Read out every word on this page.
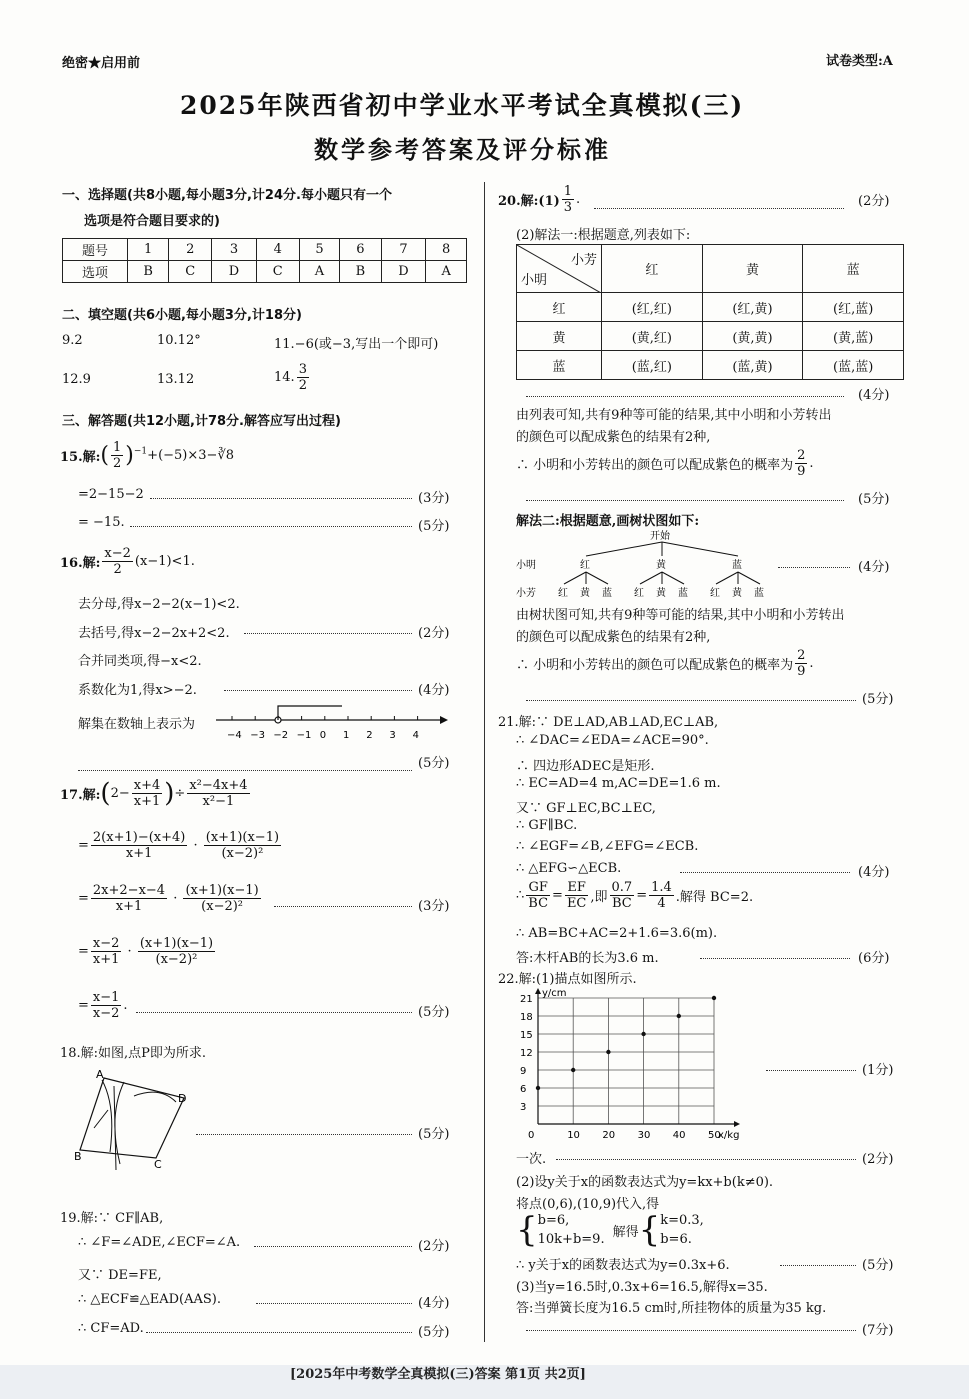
绝密★启用前	试卷类型:A
2025年陕西省初中学业水平考试全真模拟(三)
数学参考答案及评分标准
一、选择题(共8小题,每小题3分,计24分.每小题只有一个
选项是符合题目要求的)
题号	1	2	3	4	5	6	7	8
选项	B	C	D	C	A	B	D	A
二、填空题(共6小题,每小题3分,计18分)
9.2	10.12°	11.−6(或−3,写出一个即可)
12.9	13.12	14. $\frac{3}{2}$
三、解答题(共12小题,计78分.解答应写出过程)
15.解:( $\frac{1}{2}$ )$^{-1}$+(−5)×3−∛8
=2−15−2	(3分)
= −15.	(5分)
16.解: $\frac{x-2}{2} (x-1)<1$.
去分母,得x−2−2(x−1)<2.
去括号,得x−2−2x+2<2.	(2分)
合并同类项,得−x<2.
系数化为1,得x>−2.	(4分)
解集在数轴上表示为
−4 −3 −2 −1 0 1 2 3 4
(5分)
17.解:(2− $\frac{x+4}{x+1}$ )÷ $\frac{\text{x²−4x+4}}{\text{x²−1}}$
= $\frac{2(x+1)-(x+4)}{x+1} \cdot \frac{(x+1)(x-1)}{\text{(x−2)²}}$
= $\frac{2x+2-x-4}{x+1} \cdot \frac{(x+1)(x-1)}{\text{(x−2)²}}$	(3分)
= $\frac{x-2}{x+1} \cdot \frac{(x+1)(x-1)}{\text{(x−2)²}}$
= $\frac{x-1}{x-2}$ .	(5分)
18.解:如图,点P即为所求.
A
D
B
C
(5分)
19.解:∵ CF∥AB,
∴ ∠F=∠ADE,∠ECF=∠A.	(2分)
又∵ DE=FE,
∴ △ECF≌△EAD(AAS).	(4分)
∴ CF=AD.	(5分)
20.解:(1) $\frac{1}{3}$ .	(2分)
(2)解法一:根据题意,列表如下:
小芳
小明	红	黄	蓝
红	(红,红)	(红,黄)	(红,蓝)
黄	(黄,红)	(黄,黄)	(黄,蓝)
蓝	(蓝,红)	(蓝,黄)	(蓝,蓝)
(4分)
由列表可知,共有9种等可能的结果,其中小明和小芳转出
的颜色可以配成紫色的结果有2种,
∴ 小明和小芳转出的颜色可以配成紫色的概率为 $\frac{2}{9}$ .
(5分)
解法二:根据题意,画树状图如下:
开始
小明	红	黄	蓝
小芳 红 黄 蓝 红 黄 蓝 红 黄 蓝
(4分)
由树状图可知,共有9种等可能的结果,其中小明和小芳转出
的颜色可以配成紫色的结果有2种,
∴ 小明和小芳转出的颜色可以配成紫色的概率为 $\frac{2}{9}$ .
(5分)
21.解:∵ DE⊥AD,AB⊥AD,EC⊥AB,
∴ ∠DAC=∠EDA=∠ACE=90°.
∴ 四边形ADEC是矩形.
∴ EC=AD=4 m,AC=DE=1.6 m.
又∵ GF⊥EC,BC⊥EC,
∴ GF∥BC.
∴ ∠EGF=∠B,∠EFG=∠ECB.
∴ △EFG∽△ECB.	(4分)
∴ $\frac{GF}{BC} = \frac{EF}{EC}$ ,即 $\frac{0.7}{BC} = \frac{1.4}{4}$ .解得 BC=2.
∴ AB=BC+AC=2+1.6=3.6(m).
答:木杆AB的长为3.6 m.	(6分)
22.解:(1)描点如图所示.
10 20 30 40 50
3
6
9
12
15
18
21
y/cm
x/kg
0
(1分)
一次.	(2分)
(2)设y关于x的函数表达式为y=kx+b(k≠0).
将点(0,6),(10,9)代入,得
{ b=6,
10k+b=9. 解得{ k=0.3,
b=6.
∴ y关于x的函数表达式为y=0.3x+6.	(5分)
(3)当y=16.5时,0.3x+6=16.5,解得x=35.
答:当弹簧长度为16.5 cm时,所挂物体的质量为35 kg.
(7分)
[2025年中考数学全真模拟(三)答案 第1页 共2页]
